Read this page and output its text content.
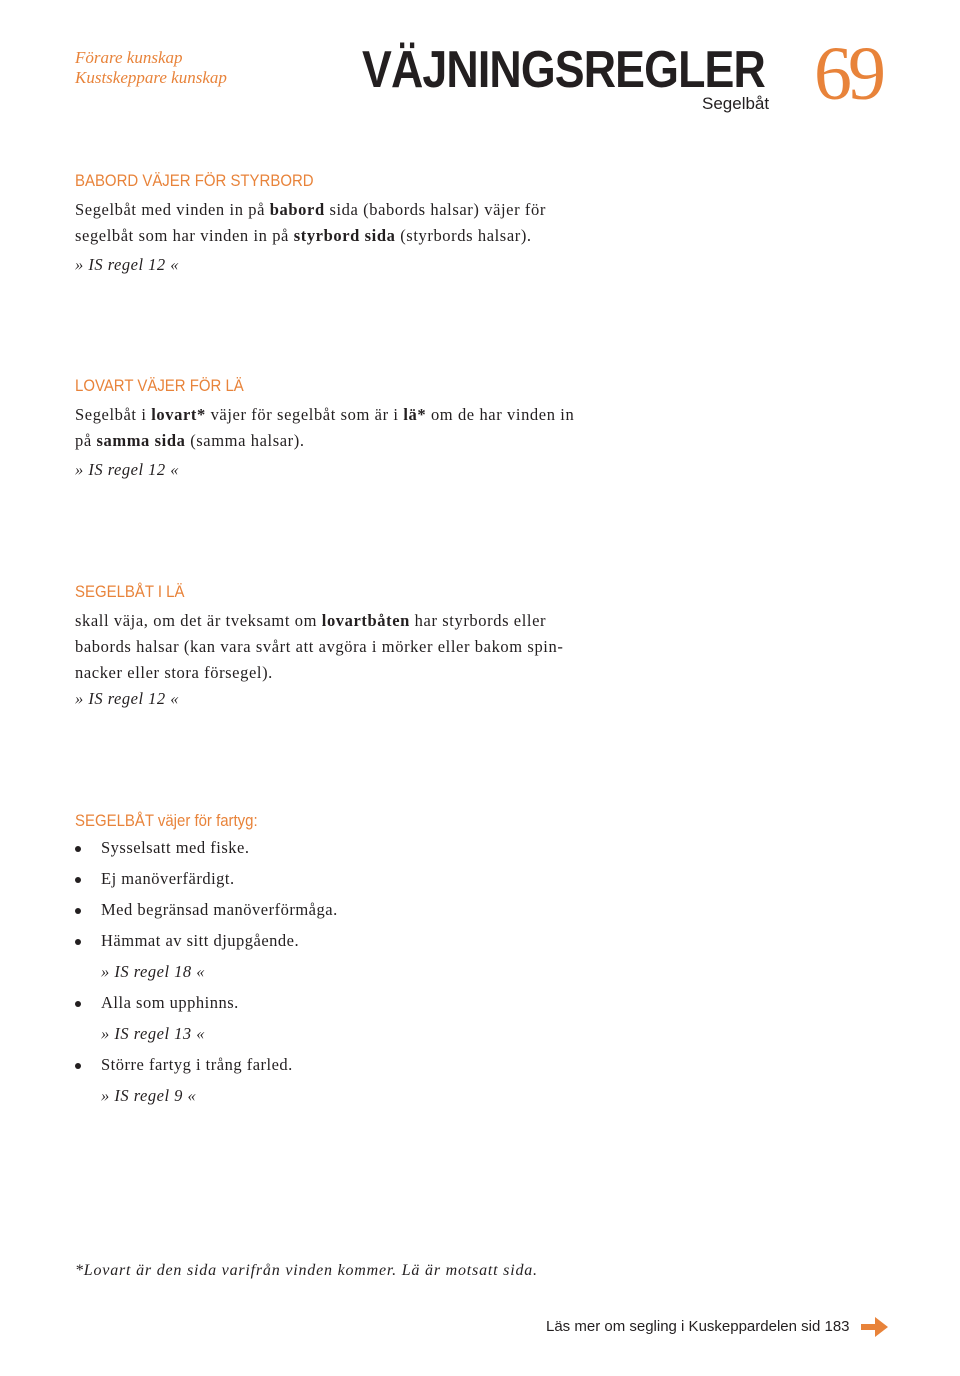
Förare kunskap
Kustskeppare kunskap	VÄJNINGSREGLER
Segelbåt 69
BABORD VÄJER FÖR STYRBORD
Segelbåt med vinden in på babord sida (babords halsar) väjer för
segelbåt som har vinden in på styrbord sida (styrbords halsar).
» IS regel 12 «
LOVART VÄJER FÖR LÄ
Segelbåt i lovart* väjer för segelbåt som är i lä* om de har vinden in
på samma sida (samma halsar).
» IS regel 12 «
SEGELBÅT I LÄ
skall väja, om det är tveksamt om lovartbåten har styrbords eller
babords halsar (kan vara svårt att avgöra i mörker eller bakom spin-
nacker eller stora försegel).
» IS regel 12 «
SEGELBÅT väjer för fartyg:
Sysselsatt med fiske.
Ej manöverfärdigt.
Med begränsad manöverförmåga.
Hämmat av sitt djupgående.
» IS regel 18 «
Alla som upphinns.
» IS regel 13 «
Större fartyg i trång farled.
» IS regel 9 «
*Lovart är den sida varifrån vinden kommer. Lä är motsatt sida.
Läs mer om segling i Kuskeppardelen sid 183
